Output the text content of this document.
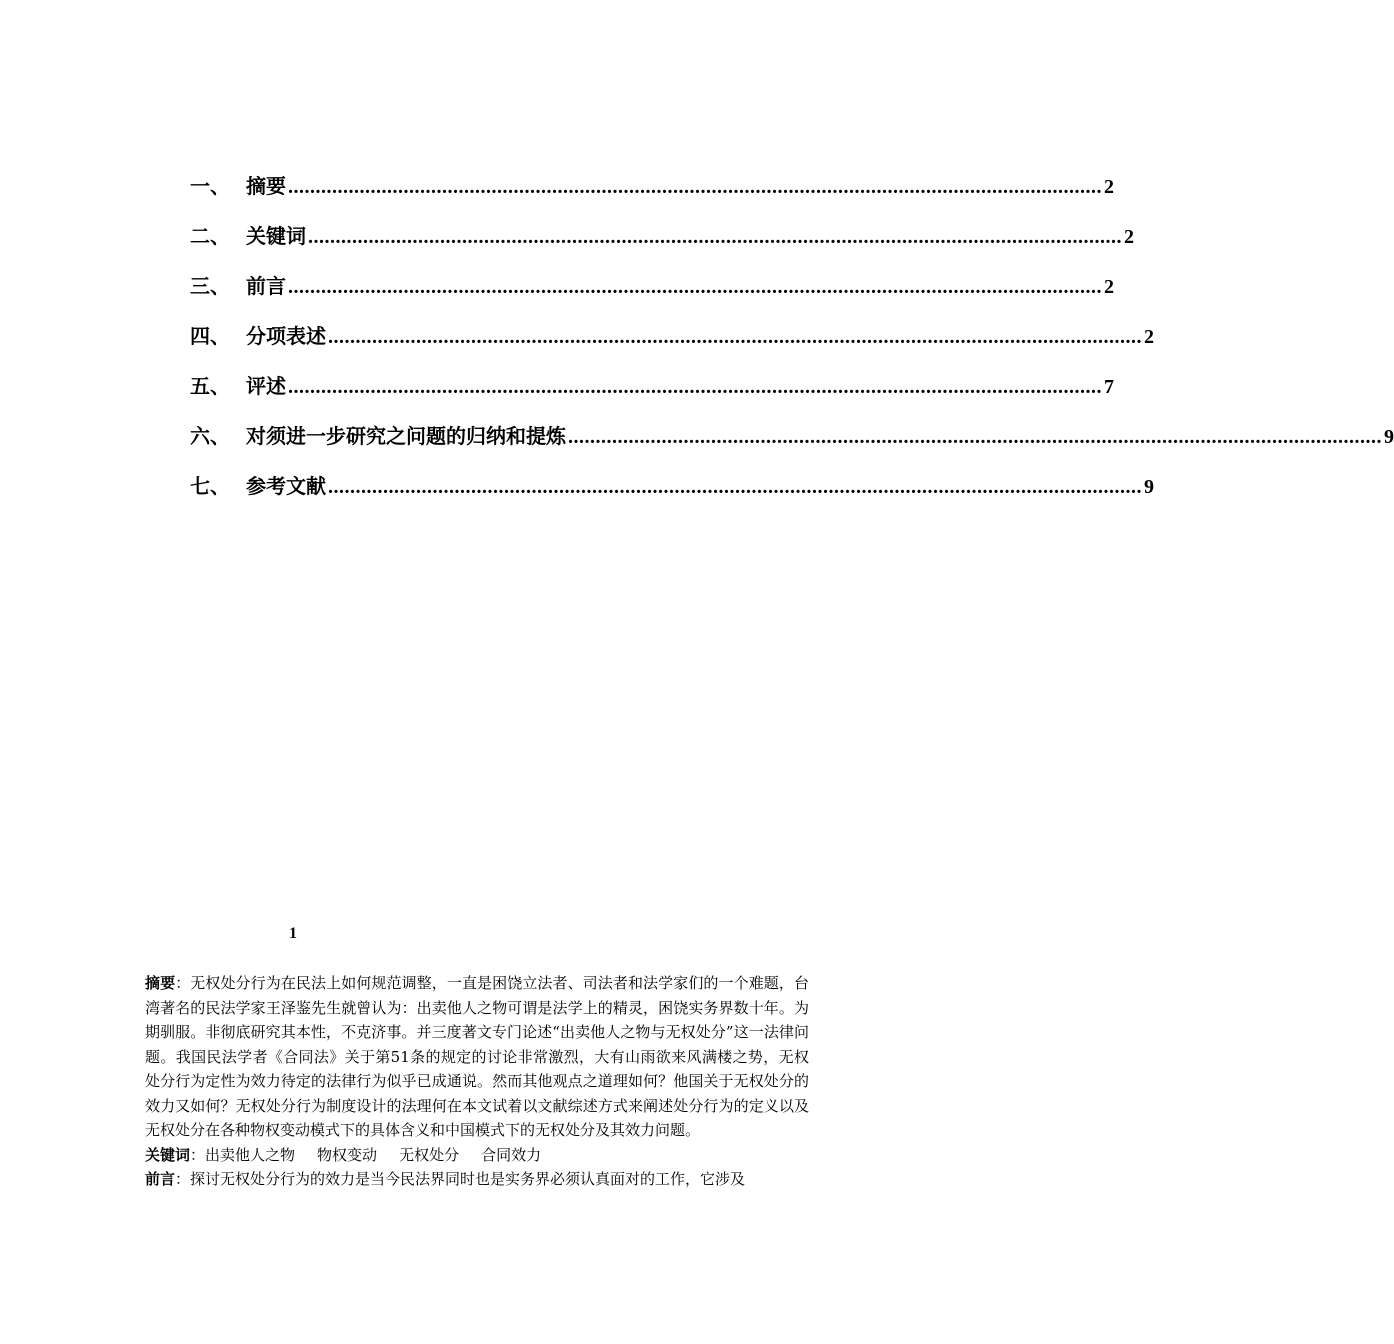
一、 摘要 .................................................................................................................................................... 2
二、 关键词 .................................................................................................................................................... 2
三、 前言 .................................................................................................................................................... 2
四、 分项表述 .................................................................................................................................................... 2
五、 评述 .................................................................................................................................................... 7
六、 对须进一步研究之问题的归纳和提炼 .................................................................................................................................................... 9
七、 参考文献 .................................................................................................................................................... 9
1

摘要：无权处分行为在民法上如何规范调整，一直是困饶立法者、司法者和法学家们的一个难题，台湾著名的民法学家王泽鉴先生就曾认为：出卖他人之物可谓是法学上的精灵，困饶实务界数十年。为期驯服。非彻底研究其本性，不克济事。并三度著文专门论述“出卖他人之物与无权处分”这一法律问题。我国民法学者《合同法》关于第51条的规定的讨论非常激烈，大有山雨欲来风满楼之势，无权处分行为定性为效力待定的法律行为似乎已成通说。然而其他观点之道理如何？他国关于无权处分的效力又如何？无权处分行为制度设计的法理何在本文试着以文献综述方式来阐述处分行为的定义以及无权处分在各种物权变动模式下的具体含义和中国模式下的无权处分及其效力问题。

关键词：出卖他人之物 物权变动 无权处分 合同效力

前言：探讨无权处分行为的效力是当今民法界同时也是实务界必须认真面对的工作，它涉及
